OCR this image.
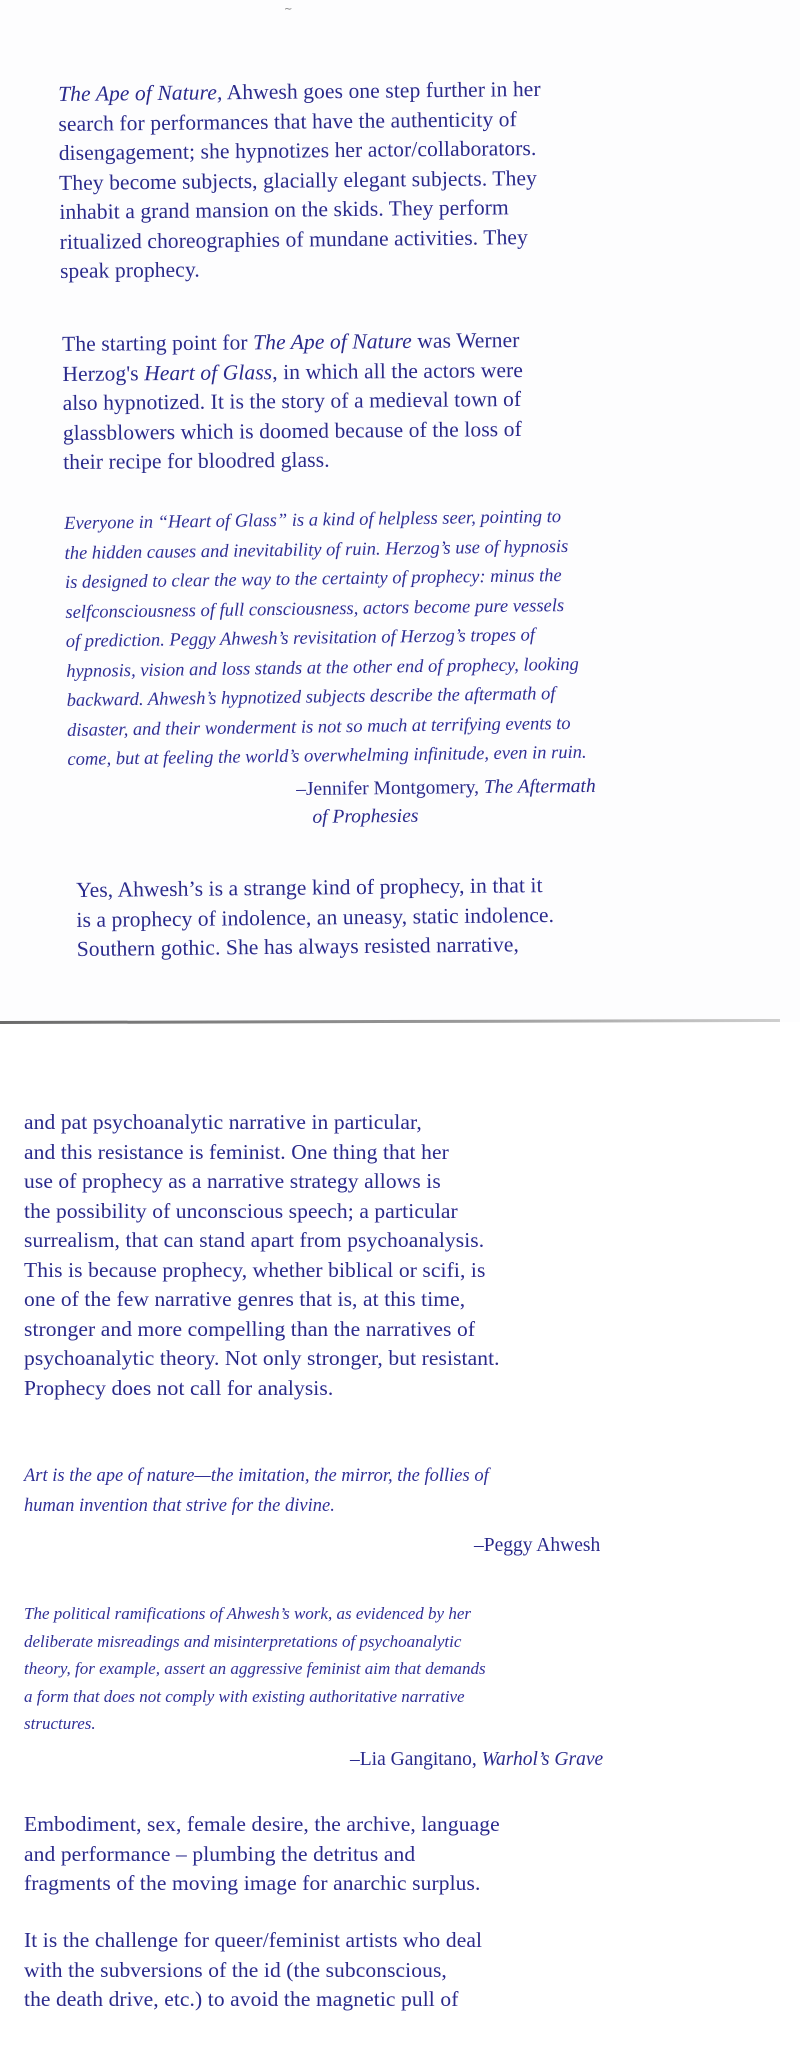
∼
The Ape of Nature, Ahwesh goes one step further in her
search for performances that have the authenticity of
disengagement; she hypnotizes her actor/collaborators.
They become subjects, glacially elegant subjects. They
inhabit a grand mansion on the skids. They perform
ritualized choreographies of mundane activities. They
speak prophecy.
The starting point for The Ape of Nature was Werner
Herzog's Heart of Glass, in which all the actors were
also hypnotized. It is the story of a medieval town of
glassblowers which is doomed because of the loss of
their recipe for bloodred glass.
Everyone in “Heart of Glass” is a kind of helpless seer, pointing to
the hidden causes and inevitability of ruin. Herzog’s use of hypnosis
is designed to clear the way to the certainty of prophecy: minus the
selfconsciousness of full consciousness, actors become pure vessels
of prediction. Peggy Ahwesh’s revisitation of Herzog’s tropes of
hypnosis, vision and loss stands at the other end of prophecy, looking
backward. Ahwesh’s hypnotized subjects describe the aftermath of
disaster, and their wonderment is not so much at terrifying events to
come, but at feeling the world’s overwhelming infinitude, even in ruin.

–Jennifer Montgomery, The Aftermath
of Prophesies

Yes, Ahwesh’s is a strange kind of prophecy, in that it
is a prophecy of indolence, an uneasy, static indolence.
Southern gothic. She has always resisted narrative,
and pat psychoanalytic narrative in particular,
and this resistance is feminist. One thing that her
use of prophecy as a narrative strategy allows is
the possibility of unconscious speech; a particular
surrealism, that can stand apart from psychoanalysis.
This is because prophecy, whether biblical or scifi, is
one of the few narrative genres that is, at this time,
stronger and more compelling than the narratives of
psychoanalytic theory. Not only stronger, but resistant.
Prophecy does not call for analysis.
Art is the ape of nature—the imitation, the mirror, the follies of
human invention that strive for the divine.

–Peggy Ahwesh

The political ramifications of Ahwesh’s work, as evidenced by her
deliberate misreadings and misinterpretations of psychoanalytic
theory, for example, assert an aggressive feminist aim that demands
a form that does not comply with existing authoritative narrative
structures.

–Lia Gangitano, Warhol’s Grave

Embodiment, sex, female desire, the archive, language
and performance – plumbing the detritus and
fragments of the moving image for anarchic surplus.
It is the challenge for queer/feminist artists who deal
with the subversions of the id (the subconscious,
the death drive, etc.) to avoid the magnetic pull of
